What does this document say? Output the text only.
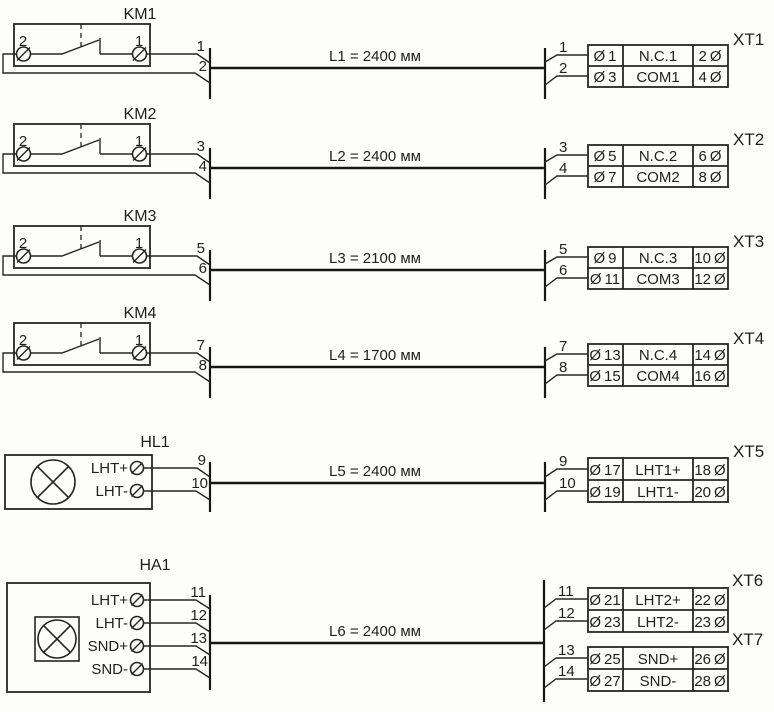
KM1
2	1	1
2
L1 = 2400 мм
1
2
Ø 1 N.C.1 2 Ø
Ø 3 COM1 4 Ø
XT1
KM2
2	1	3
4
L2 = 2400 мм
3
4
Ø 5 N.C.2 6 Ø
Ø 7 COM2 8 Ø
XT2
KM3
2	1	5
6
L3 = 2100 мм
5
6
Ø 9 N.C.3 10 Ø
Ø 11 COM3 12 Ø
XT3
KM4
2	1	7
8
L4 = 1700 мм
7
8
Ø 13 N.C.4 14 Ø
Ø 15 COM4 16 Ø
XT4
HL1
LHT+
LHT-
9
10
L5 = 2400 мм
9
10
Ø 17 LHT1+ 18 Ø
Ø 19 LHT1- 20 Ø
XT5
HA1
LHT+
LHT-
SND+
SND-
11
12
13
14
L6 = 2400 мм
11
12
13
14
Ø 21 LHT2+ 22 Ø
Ø 23 LHT2- 23 Ø
XT6
Ø 25 SND+ 26 Ø
Ø 27 SND- 28 Ø
XT7
